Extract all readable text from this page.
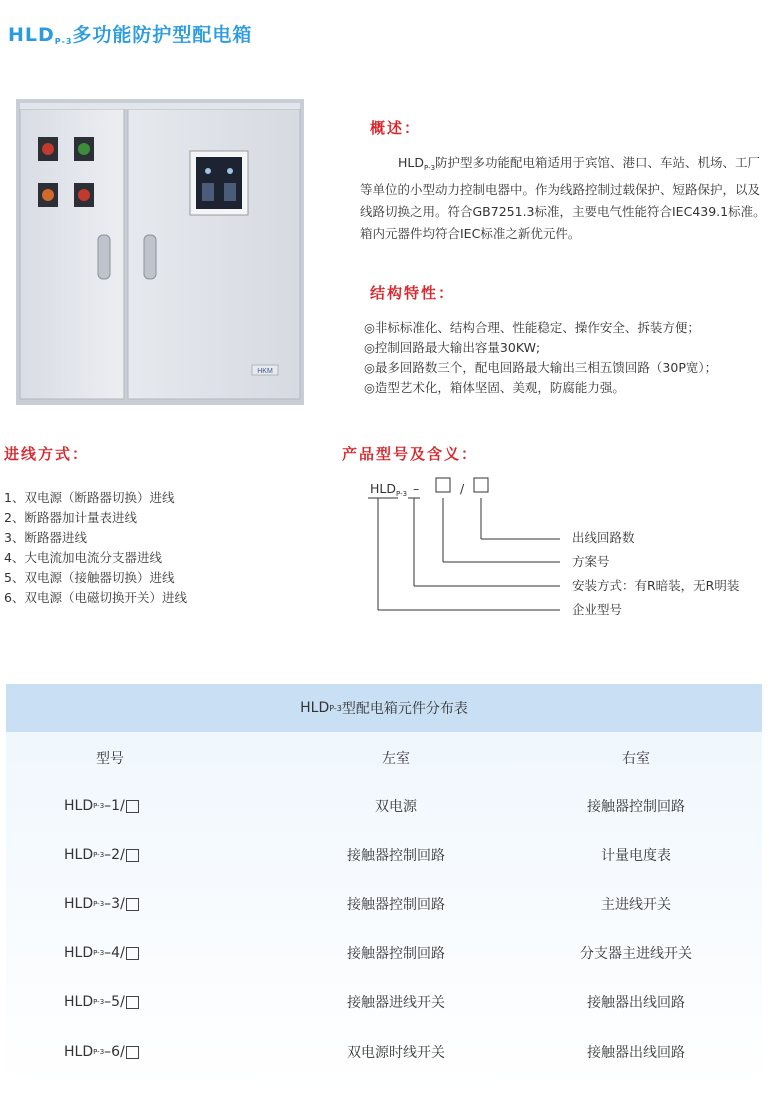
$HLD_{P-3}$多功能防护型配电箱
HKM
概述：
$HLD_{P-3}$防护型多功能配电箱适用于宾馆、港口、车站、机场、工厂等单位的小型动力控制电器中。作为线路控制过载保护、短路保护，以及线路切换之用。符合GB7251.3标准，主要电气性能符合IEC439.1标准。箱内元器件均符合IEC标准之新优元件。
结构特性：
◎非标标准化、结构合理、性能稳定、操作安全、拆装方便；
◎控制回路最大输出容量30KW;
◎最多回路数三个，配电回路最大输出三相五馈回路（30P宽）；
◎造型艺术化，箱体坚固、美观，防腐能力强。
进线方式：
1、双电源（断路器切换）进线
2、断路器加计量表进线
3、断路器进线
4、大电流加电流分支器进线
5、双电源（接触器切换）进线
6、双电源（电磁切换开关）进线
产品型号及含义：
$HLD_{P-3}$ –	/
出线回路数
方案号
安装方式：有R暗装，无R明装
企业型号
HLD P-3 型配电箱元件分布表
型号	左室	右室
HLD P-3 –1/	双电源	接触器控制回路
HLD P-3 –2/	接触器控制回路	计量电度表
HLD P-3 –3/	接触器控制回路	主进线开关
HLD P-3 –4/	接触器控制回路	分支器主进线开关
HLD P-3 –5/	接触器进线开关	接触器出线回路
HLD P-3 –6/	双电源时线开关	接触器出线回路
